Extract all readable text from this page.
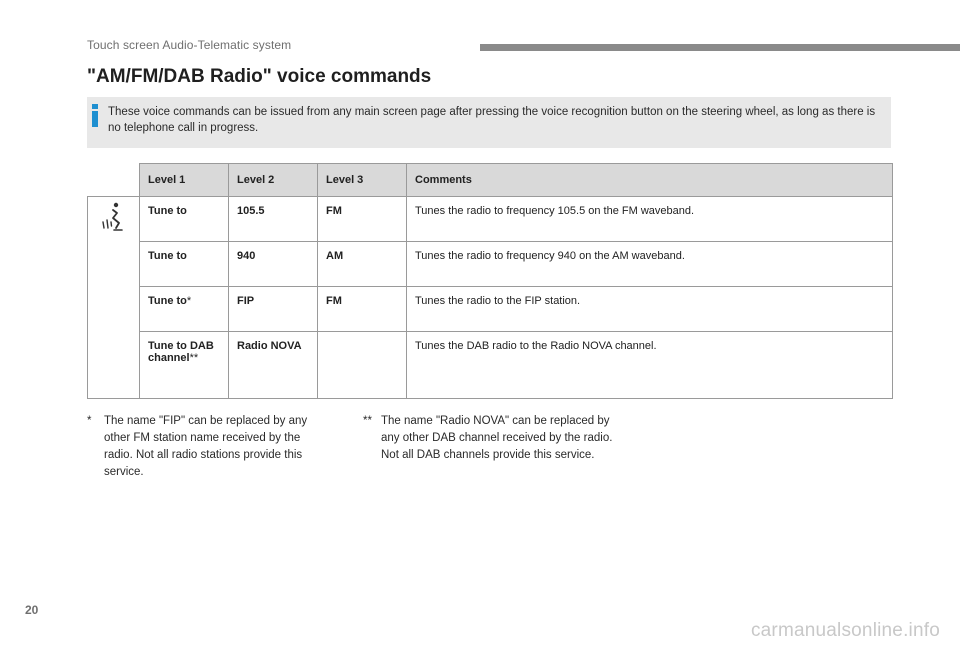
Touch screen Audio-Telematic system
"AM/FM/DAB Radio" voice commands
These voice commands can be issued from any main screen page after pressing the voice recognition button on the steering wheel, as long as there is no telephone call in progress.
	Level 1	Level 2	Level 3	Comments

	Tune to	105.5	FM	Tunes the radio to frequency 105.5 on the FM waveband.
	Tune to	940	AM	Tunes the radio to frequency 940 on the AM waveband.
	Tune to*	FIP	FM	Tunes the radio to the FIP station.
	Tune to DAB channel**	Radio NOVA		Tunes the DAB radio to the Radio NOVA channel.
* The name "FIP" can be replaced by any other FM station name received by the radio. Not all radio stations provide this service.
** The name "Radio NOVA" can be replaced by any other DAB channel received by the radio. Not all DAB channels provide this service.
20
carmanualsonline.info
